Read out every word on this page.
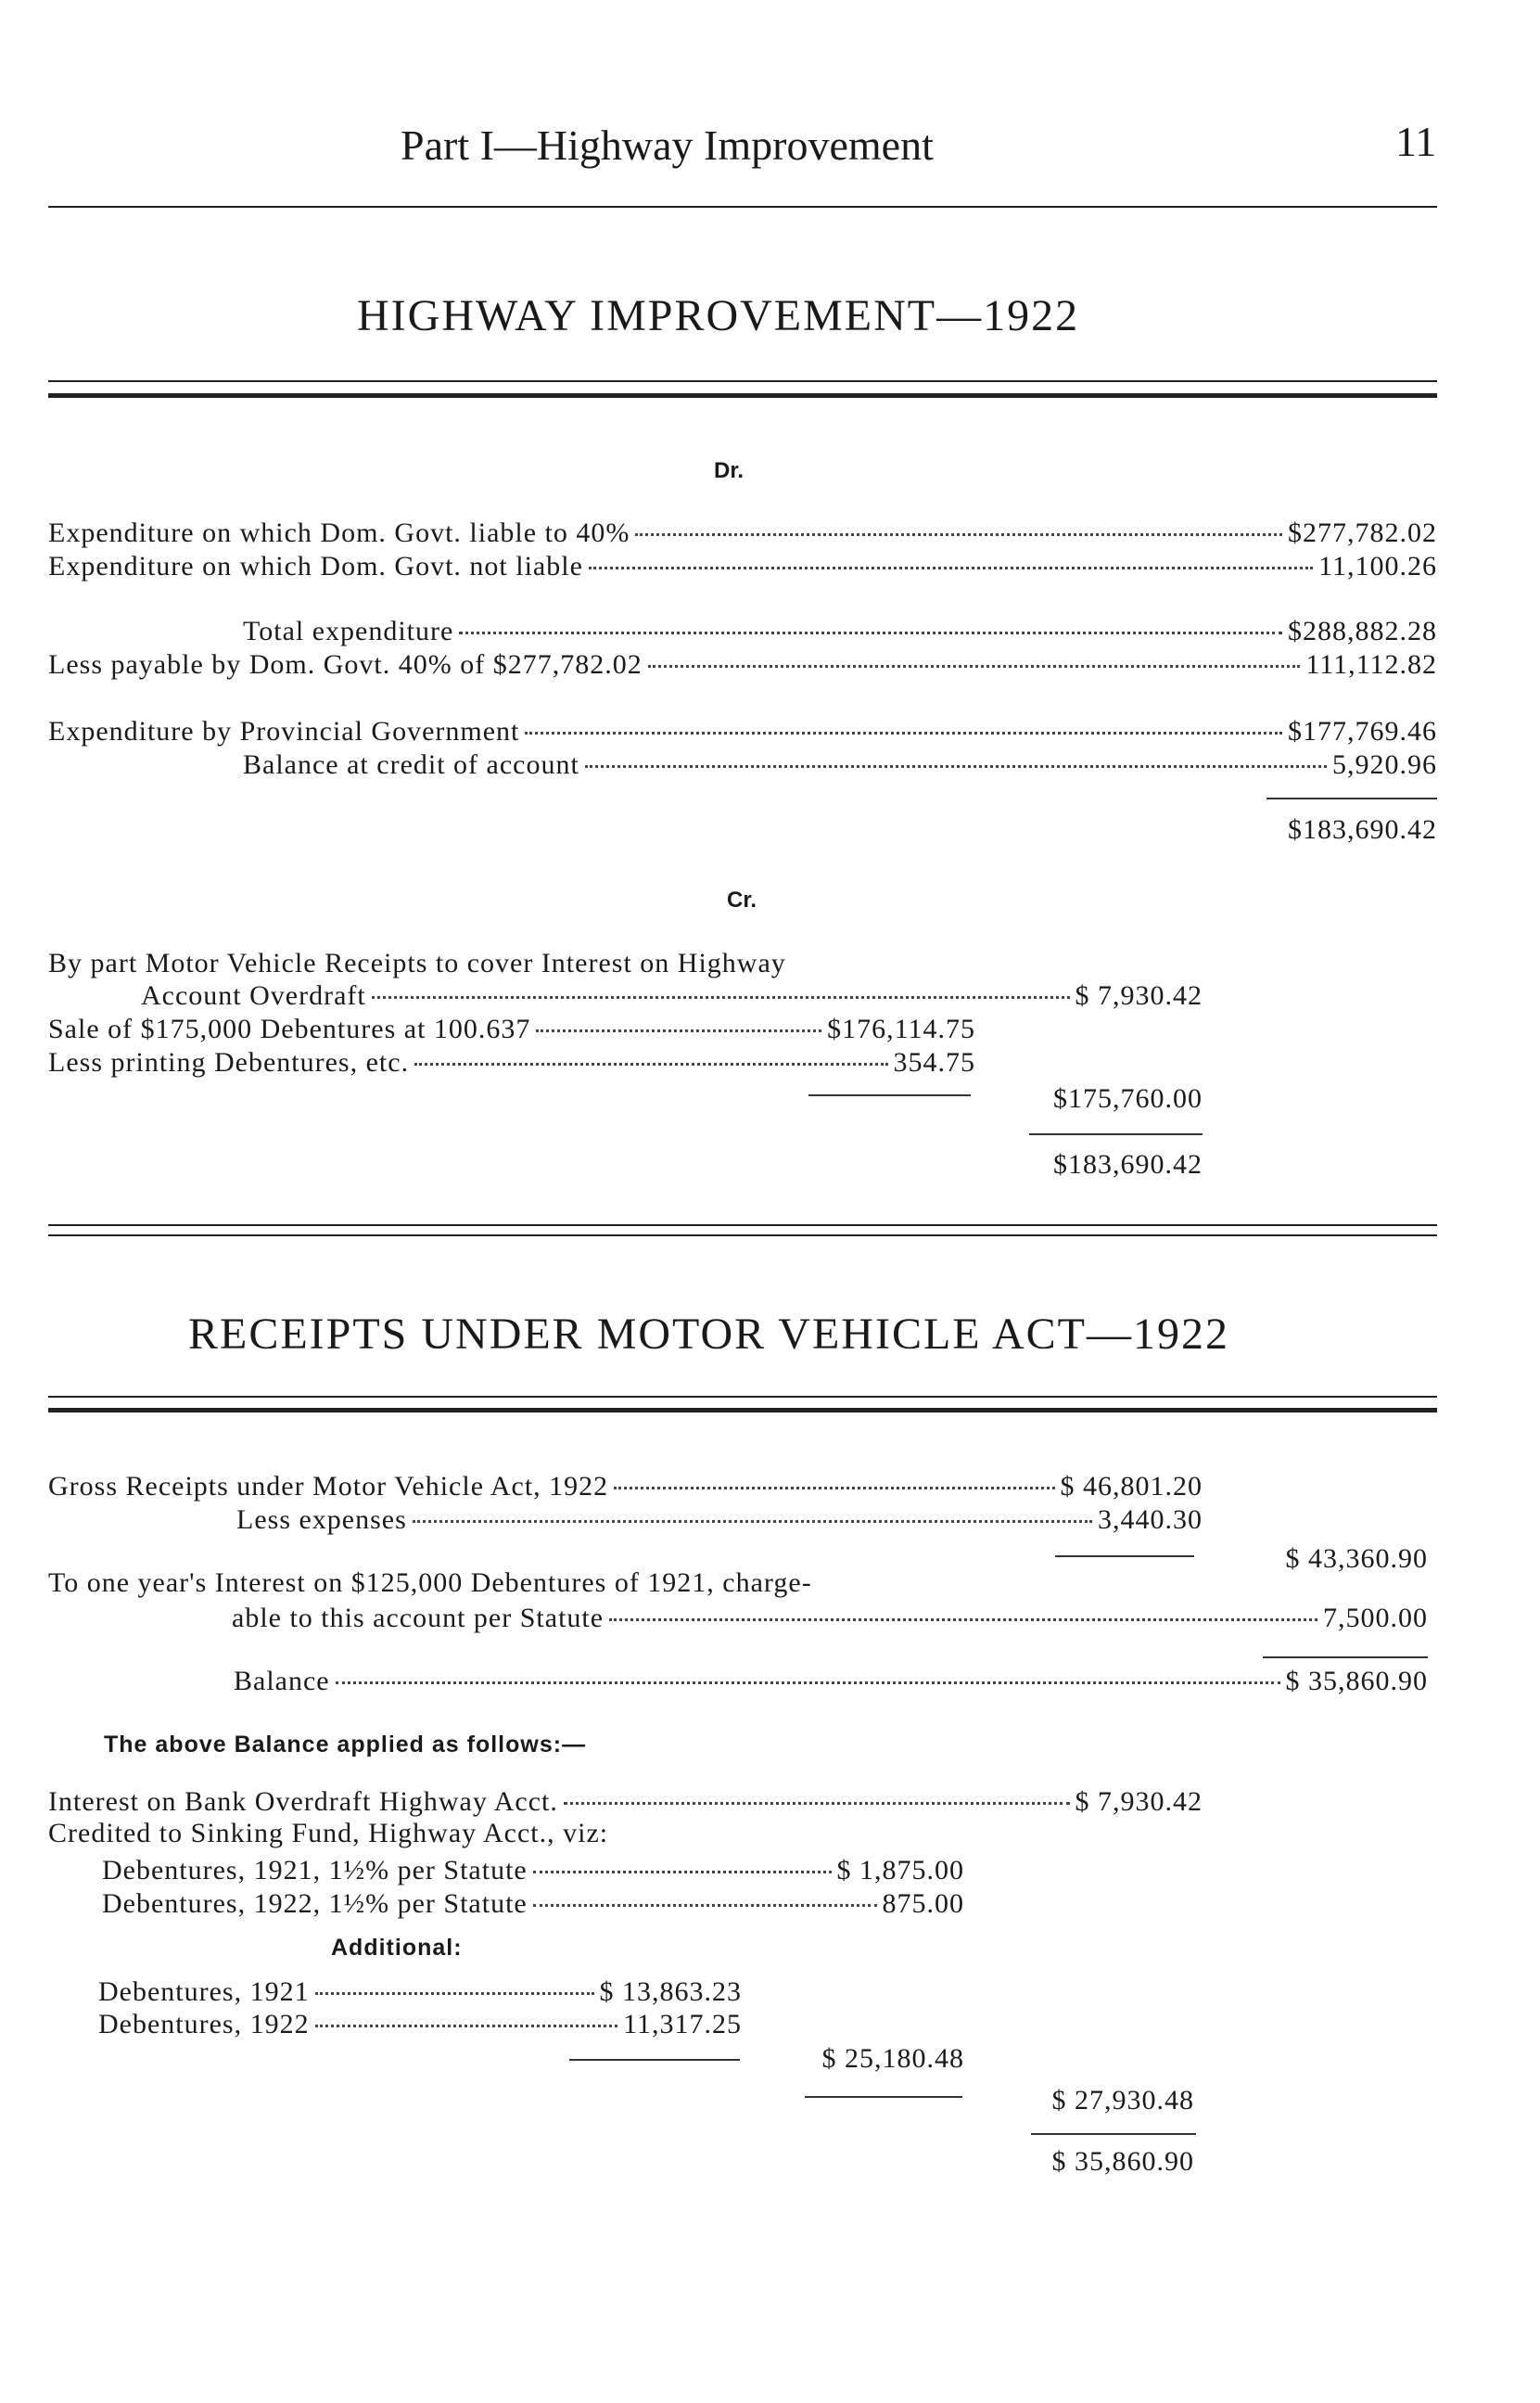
Part I—Highway Improvement	11
HIGHWAY IMPROVEMENT—1922
Dr.
Expenditure on which Dom. Govt. liable to 40%	$277,782.02
Expenditure on which Dom. Govt. not liable	11,100.26
Total expenditure	$288,882.28
Less payable by Dom. Govt. 40% of $277,782.02	111,112.82
Expenditure by Provincial Government	$177,769.46
Balance at credit of account	5,920.96
$183,690.42
Cr.
By part Motor Vehicle Receipts to cover Interest on Highway
Account Overdraft	$ 7,930.42
Sale of $175,000 Debentures at 100.637	$176,114.75
Less printing Debentures, etc.	354.75
$175,760.00
$183,690.42
RECEIPTS UNDER MOTOR VEHICLE ACT—1922
Gross Receipts under Motor Vehicle Act, 1922	$ 46,801.20
Less expenses	3,440.30
$ 43,360.90
To one year's Interest on $125,000 Debentures of 1921, charge-
able to this account per Statute	7,500.00
Balance	$ 35,860.90
The above Balance applied as follows:—
Interest on Bank Overdraft Highway Acct.	$ 7,930.42
Credited to Sinking Fund, Highway Acct., viz:
Debentures, 1921, 1½% per Statute	$ 1,875.00
Debentures, 1922, 1½% per Statute	875.00
Additional:
Debentures, 1921	$ 13,863.23
Debentures, 1922	11,317.25
$ 25,180.48
$ 27,930.48
$ 35,860.90
